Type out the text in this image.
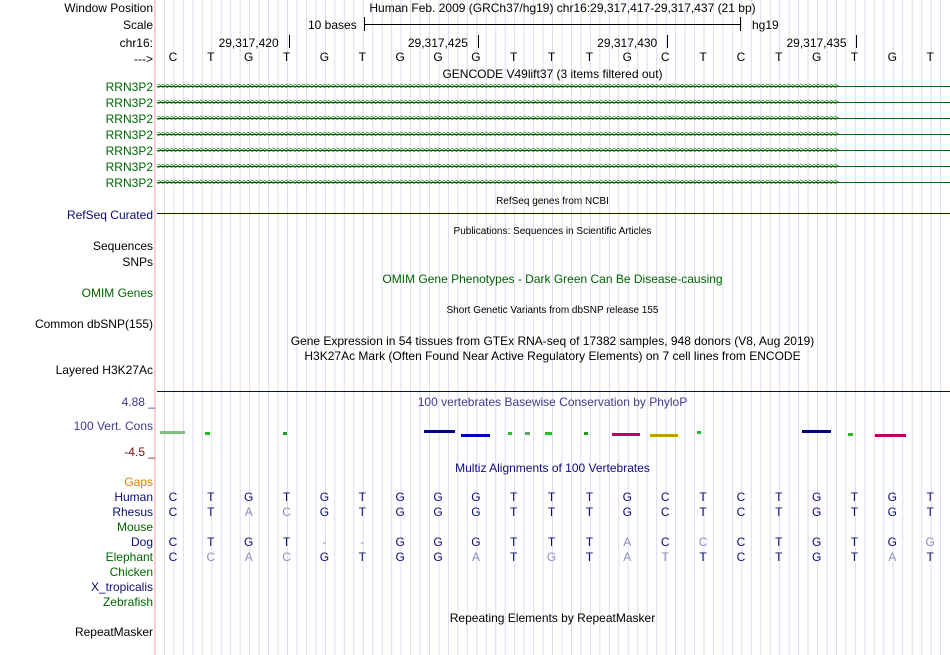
Window Position
Scale
chr16:
--->
Human Feb. 2009 (GRCh37/hg19) chr16:29,317,417-29,317,437 (21 bp)
10 bases	hg19
29,317,420	29,317,425	29,317,430	29,317,435
C	T	G	T	G	T	G	G	G	T	T	T	G	C	T	C	T	G	T	G	T
GENCODE V49lift37 (3 items filtered out)
RRN3P2 >>>>>>>>>>>>>>>>>>>>>>>>>>>>>>>>>>>>>>>>>>>>>>>>>>>>>>>>>>>>>>>>>>>>>>>>>>>>>>>>>>>>>>>>>>>>>>>>>>>>>>>>>>>>>>>>>>>>>>>>>>>>>>>>>>>>>>>>>>>>>>>>>>>>>>>>>>>>>>>>
RRN3P2 >>>>>>>>>>>>>>>>>>>>>>>>>>>>>>>>>>>>>>>>>>>>>>>>>>>>>>>>>>>>>>>>>>>>>>>>>>>>>>>>>>>>>>>>>>>>>>>>>>>>>>>>>>>>>>>>>>>>>>>>>>>>>>>>>>>>>>>>>>>>>>>>>>>>>>>>>>>>>>>>
RRN3P2 >>>>>>>>>>>>>>>>>>>>>>>>>>>>>>>>>>>>>>>>>>>>>>>>>>>>>>>>>>>>>>>>>>>>>>>>>>>>>>>>>>>>>>>>>>>>>>>>>>>>>>>>>>>>>>>>>>>>>>>>>>>>>>>>>>>>>>>>>>>>>>>>>>>>>>>>>>>>>>>>
RRN3P2 >>>>>>>>>>>>>>>>>>>>>>>>>>>>>>>>>>>>>>>>>>>>>>>>>>>>>>>>>>>>>>>>>>>>>>>>>>>>>>>>>>>>>>>>>>>>>>>>>>>>>>>>>>>>>>>>>>>>>>>>>>>>>>>>>>>>>>>>>>>>>>>>>>>>>>>>>>>>>>>>
RRN3P2 >>>>>>>>>>>>>>>>>>>>>>>>>>>>>>>>>>>>>>>>>>>>>>>>>>>>>>>>>>>>>>>>>>>>>>>>>>>>>>>>>>>>>>>>>>>>>>>>>>>>>>>>>>>>>>>>>>>>>>>>>>>>>>>>>>>>>>>>>>>>>>>>>>>>>>>>>>>>>>>>
RRN3P2 >>>>>>>>>>>>>>>>>>>>>>>>>>>>>>>>>>>>>>>>>>>>>>>>>>>>>>>>>>>>>>>>>>>>>>>>>>>>>>>>>>>>>>>>>>>>>>>>>>>>>>>>>>>>>>>>>>>>>>>>>>>>>>>>>>>>>>>>>>>>>>>>>>>>>>>>>>>>>>>>
RRN3P2 >>>>>>>>>>>>>>>>>>>>>>>>>>>>>>>>>>>>>>>>>>>>>>>>>>>>>>>>>>>>>>>>>>>>>>>>>>>>>>>>>>>>>>>>>>>>>>>>>>>>>>>>>>>>>>>>>>>>>>>>>>>>>>>>>>>>>>>>>>>>>>>>>>>>>>>>>>>>>>>>
RefSeq Curated
RefSeq genes from NCBI
Publications: Sequences in Scientific Articles
Sequences
SNPs
OMIM Gene Phenotypes - Dark Green Can Be Disease-causing
OMIM Genes
Short Genetic Variants from dbSNP release 155
Common dbSNP(155)
Gene Expression in 54 tissues from GTEx RNA-seq of 17382 samples, 948 donors (V8, Aug 2019)
H3K27Ac Mark (Often Found Near Active Regulatory Elements) on 7 cell lines from ENCODE
Layered H3K27Ac
100 vertebrates Basewise Conservation by PhyloP
4.88 _
100 Vert. Cons
-4.5 _
Multiz Alignments of 100 Vertebrates
Gaps
Human	C	T	G	T	G	T	G	G	G	T	T	T	G	C	T	C	T	G	T	G	T
Rhesus	C	T	A	C	G	T	G	G	G	T	T	T	G	C	T	C	T	G	T	G	T
Mouse
Dog	C	T	G	T	-	-	G	G	G	T	T	T	A	C	C	C	T	G	T	G	G
Elephant	C	C	A	C	G	T	G	G	A	T	G	T	A	T	T	C	T	G	T	A	T
Chicken
X_tropicalis
Zebrafish
Repeating Elements by RepeatMasker
RepeatMasker
